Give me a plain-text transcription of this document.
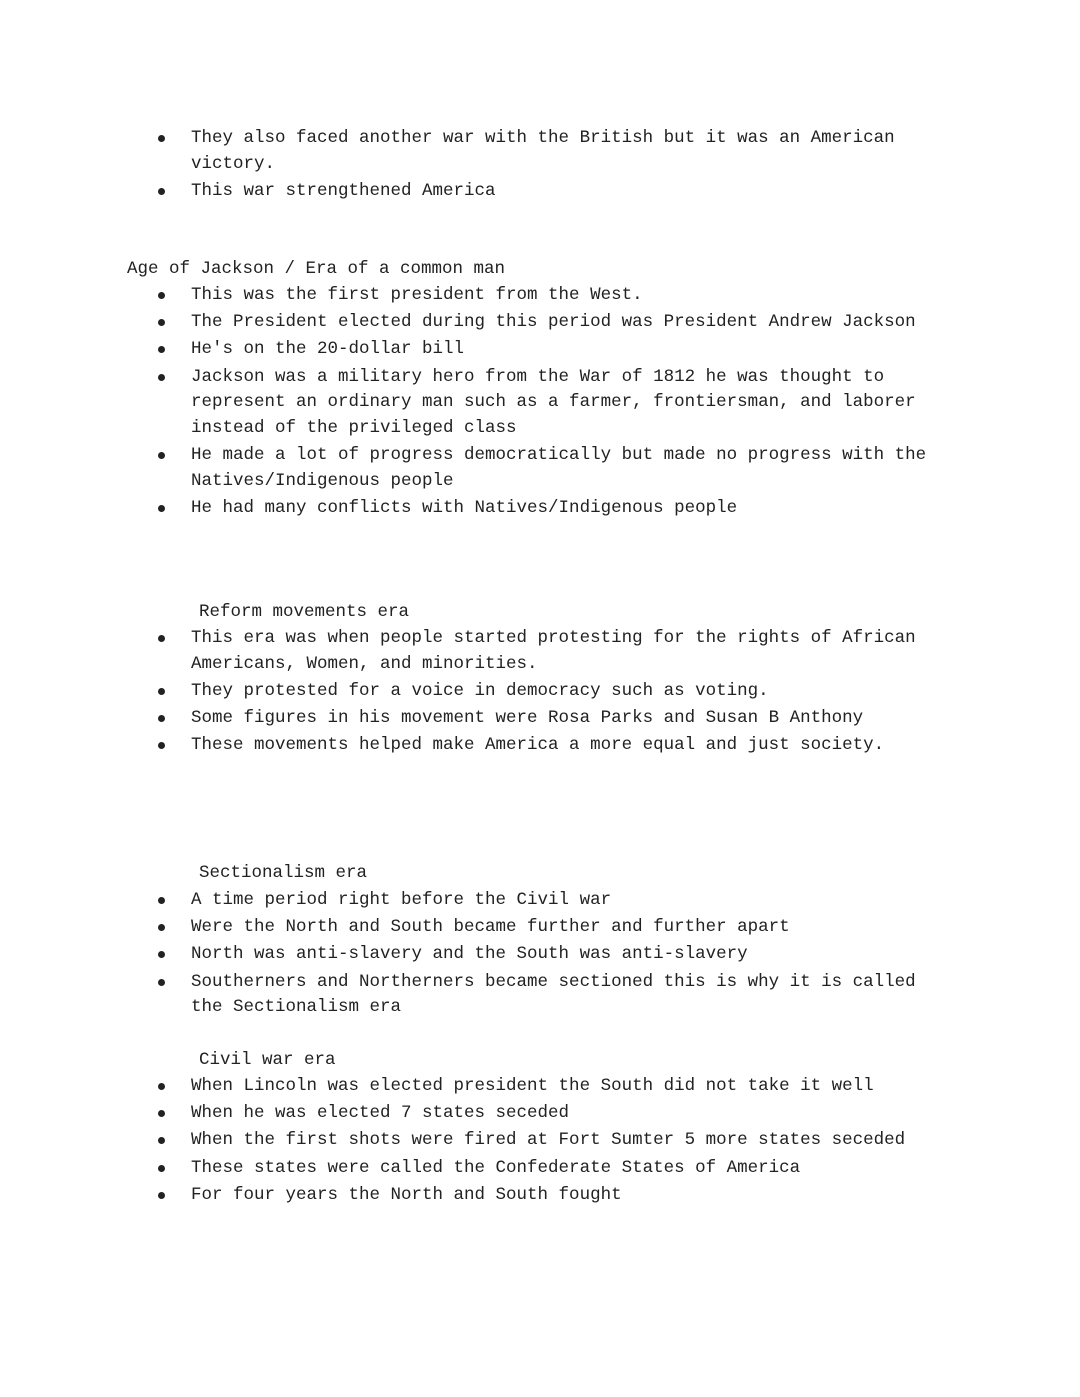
They also faced another war with the British but it was an American victory.
This war strengthened America
Age of Jackson / Era of a common man
This was the first president from the West.
The President elected during this period was President Andrew Jackson
He's on the 20-dollar bill
Jackson was a military hero from the War of 1812 he was thought to represent an ordinary man such as a farmer, frontiersman, and laborer instead of the privileged class
He made a lot of progress democratically but made no progress with the Natives/Indigenous people
He had many conflicts with Natives/Indigenous people
Reform movements era
This era was when people started protesting for the rights of African Americans, Women, and minorities.
They protested for a voice in democracy such as voting.
Some figures in his movement were Rosa Parks and Susan B Anthony
These movements helped make America a more equal and just society.
Sectionalism era
A time period right before the Civil war
Were the North and South became further and further apart
North was anti-slavery and the South was anti-slavery
Southerners and Northerners became sectioned this is why it is called the Sectionalism era
Civil war era
When Lincoln was elected president the South did not take it well
When he was elected 7 states seceded
When the first shots were fired at Fort Sumter 5 more states seceded
These states were called the Confederate States of America
For four years the North and South fought
